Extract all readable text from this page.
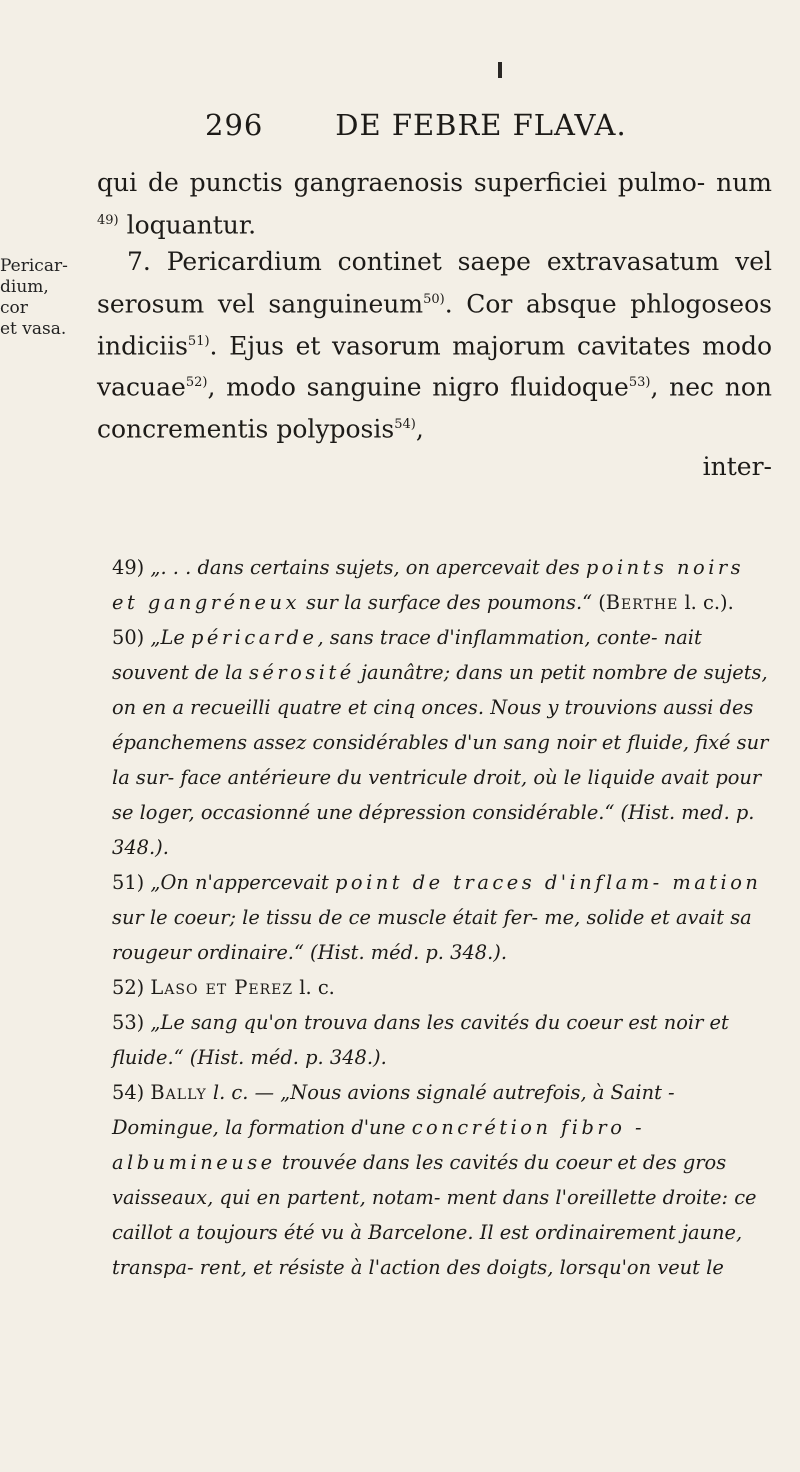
296 DE FEBRE FLAVA.
Pericar-
dium, cor
et vasa.

qui de punctis gangraenosis superficiei pulmo- num $^{49)}$ loquantur.

7. Pericardium continet saepe extravasatum vel serosum vel sanguineum$^{50)}$. Cor absque phlogoseos indiciis$^{51)}$. Ejus et vasorum majorum cavitates modo vacuae$^{52)}$, modo sanguine nigro fluidoque$^{53)}$, nec non concrementis polyposis$^{54)}$,

inter-

49) „. . . dans certains sujets, on apercevait des points noirs et gangréneux sur la surface des poumons.“ (Berthe l. c.).

50) „Le péricarde, sans trace d'inflammation, conte- nait souvent de la sérosité jaunâtre; dans un petit nombre de sujets, on en a recueilli quatre et cinq onces. Nous y trouvions aussi des épanchemens assez considérables d'un sang noir et fluide, fixé sur la sur- face antérieure du ventricule droit, où le liquide avait pour se loger, occasionné une dépression considérable.“ (Hist. med. p. 348.).

51) „On n'appercevait point de traces d'inflam- mation sur le coeur; le tissu de ce muscle était fer- me, solide et avait sa rougeur ordinaire.“ (Hist. méd. p. 348.).

52) Laso et Perez l. c.

53) „Le sang qu'on trouva dans les cavités du coeur est noir et fluide.“ (Hist. méd. p. 348.).

54) Bally l. c. — „Nous avions signalé autrefois, à Saint - Domingue, la formation d'une concrétion fibro - albumineuse trouvée dans les cavités du coeur et des gros vaisseaux, qui en partent, notam- ment dans l'oreillette droite: ce caillot a toujours été vu à Barcelone. Il est ordinairement jaune, transpa- rent, et résiste à l'action des doigts, lorsqu'on veut le
